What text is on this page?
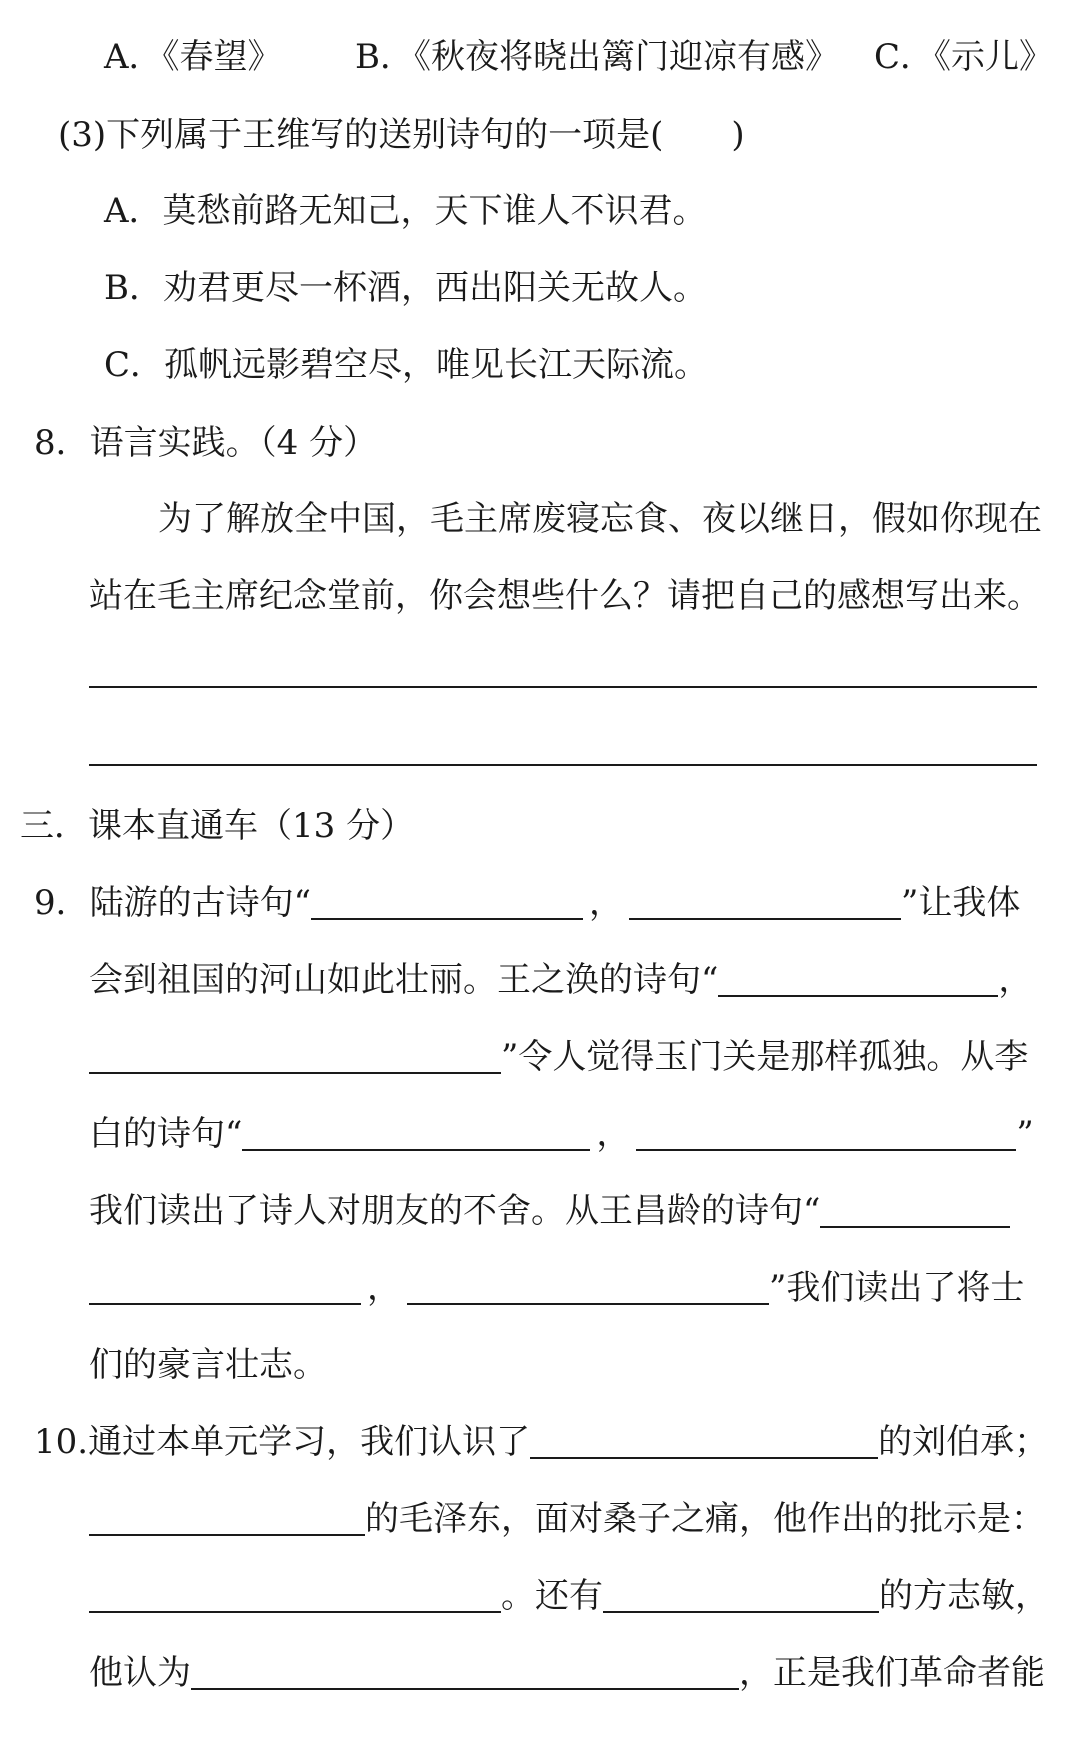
A．《春望》 B．《秋夜将晓出篱门迎凉有感》 C．《示儿》
(3)下列属于王维写的送别诗句的一项是(　　)
A．莫愁前路无知己，天下谁人不识君。
B．劝君更尽一杯酒，西出阳关无故人。
C．孤帆远影碧空尽，唯见长江天际流。
8．语言实践。（4 分）
为了解放全中国，毛主席废寝忘食、夜以继日，假如你现在
站在毛主席纪念堂前，你会想些什么？请把自己的感想写出来。
三．课本直通车（13 分）
9．陆游的古诗句“	，	”让我体
会到祖国的河山如此壮丽。王之涣的诗句“	，
”令人觉得玉门关是那样孤独。从李
白的诗句“	，	”
我们读出了诗人对朋友的不舍。从王昌龄的诗句“
，	”我们读出了将士
们的豪言壮志。
10.通过本单元学习，我们认识了	的刘伯承；
的毛泽东，面对桑子之痛，他作出的批示是：
。还有	的方志敏，
他认为	，正是我们革命者能
